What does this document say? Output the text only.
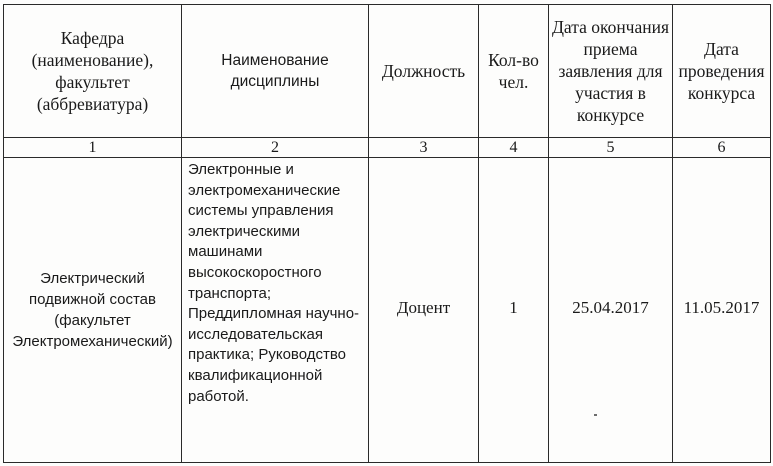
Кафедра (наименование), факультет (аббревиатура)	Наименование дисциплины	Должность	Кол-во чел.	Дата окончания приема заявления для участия в конкурсе	Дата проведения конкурса
1	2	3	4	5	6
Электрический подвижной состав (факультет Электромеханический)	Электронные и электромеханические системы управления электрическими машинами высокоскоростного транспорта; Преддипломная научно-исследовательская практика; Руководство квалификационной работой.	Доцент	1	25.04.2017	11.05.2017
